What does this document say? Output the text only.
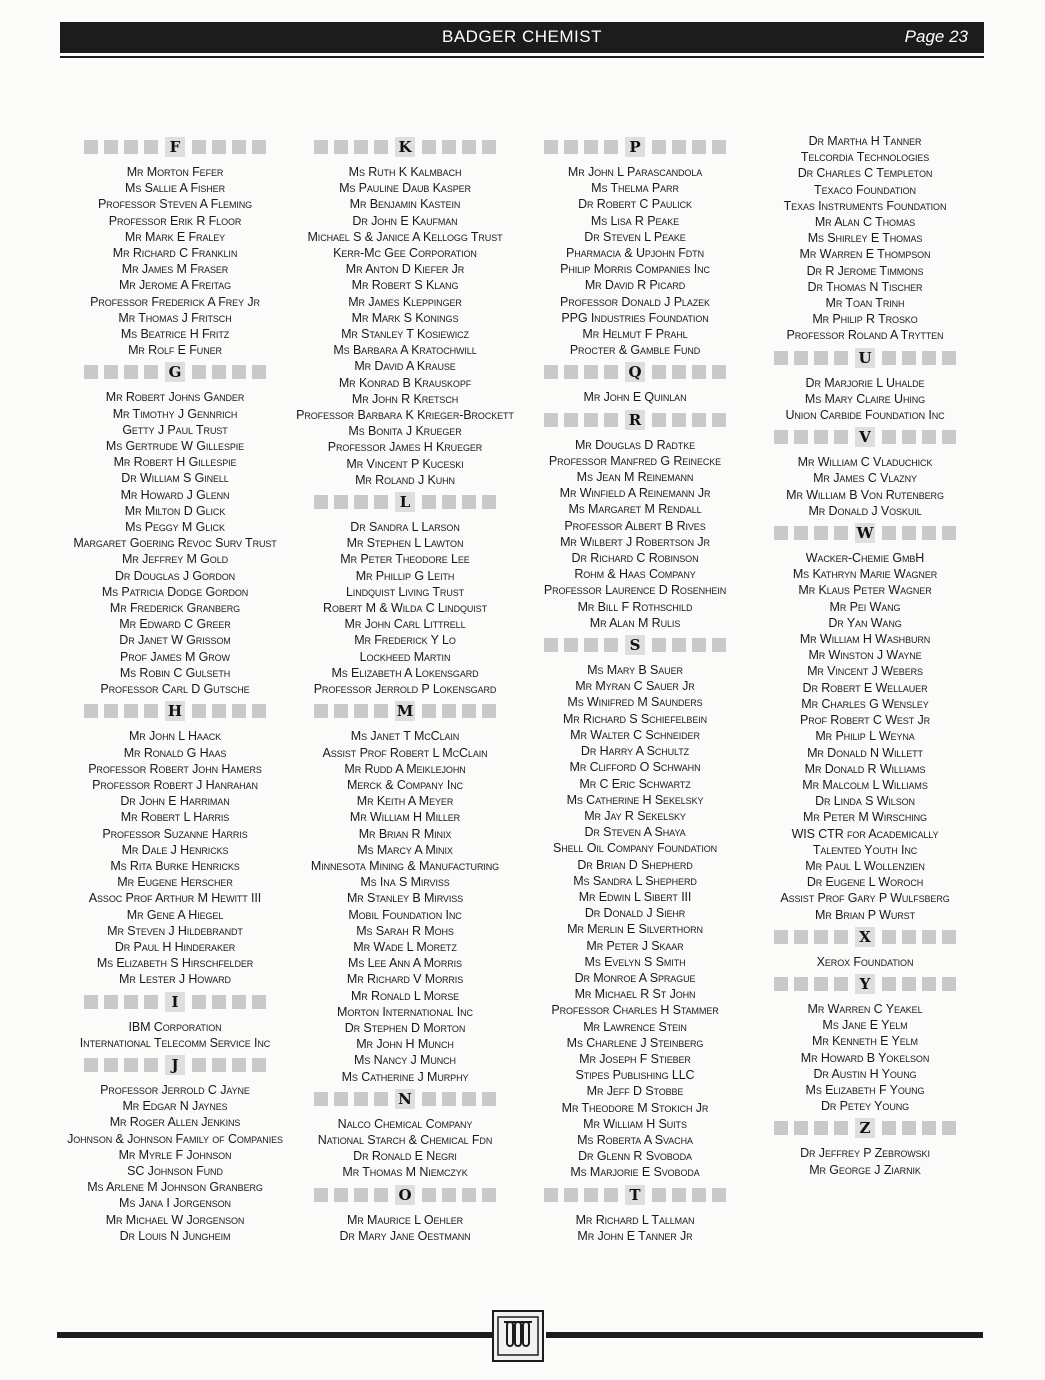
BADGER CHEMIST	Page 23
F
Mr Morton Fefer
Ms Sallie A Fisher
Professor Steven A Fleming
Professor Erik R Floor
Mr Mark E Fraley
Mr Richard C Franklin
Mr James M Fraser
Mr Jerome A Freitag
Professor Frederick A Frey Jr
Mr Thomas J Fritsch
Ms Beatrice H Fritz
Mr Rolf E Funer
G
Mr Robert Johns Gander
Mr Timothy J Gennrich
Getty J Paul Trust
Ms Gertrude W Gillespie
Mr Robert H Gillespie
Dr William S Ginell
Mr Howard J Glenn
Mr Milton D Glick
Ms Peggy M Glick
Margaret Goering Revoc Surv Trust
Mr Jeffrey M Gold
Dr Douglas J Gordon
Ms Patricia Dodge Gordon
Mr Frederick Granberg
Mr Edward C Greer
Dr Janet W Grissom
Prof James M Grow
Ms Robin C Gulseth
Professor Carl D Gutsche
H
Mr John L Haack
Mr Ronald G Haas
Professor Robert John Hamers
Professor Robert J Hanrahan
Dr John E Harriman
Mr Robert L Harris
Professor Suzanne Harris
Mr Dale J Henricks
Ms Rita Burke Henricks
Mr Eugene Herscher
Assoc Prof Arthur M Hewitt III
Mr Gene A Hiegel
Mr Steven J Hildebrandt
Dr Paul H Hinderaker
Ms Elizabeth S Hirschfelder
Mr Lester J Howard
I
IBM Corporation
International Telecomm Service Inc
J
Professor Jerrold C Jayne
Mr Edgar N Jaynes
Mr Roger Allen Jenkins
Johnson & Johnson Family of Companies
Mr Myrle F Johnson
SC Johnson Fund
Ms Arlene M Johnson Granberg
Ms Jana I Jorgenson
Mr Michael W Jorgenson
Dr Louis N Jungheim
K
Ms Ruth K Kalmbach
Ms Pauline Daub Kasper
Mr Benjamin Kastein
Dr John E Kaufman
Michael S & Janice A Kellogg Trust
Kerr-Mc Gee Corporation
Mr Anton D Kiefer Jr
Mr Robert S Klang
Mr James Kleppinger
Mr Mark S Konings
Mr Stanley T Kosiewicz
Ms Barbara A Kratochwill
Mr David A Krause
Mr Konrad B Krauskopf
Mr John R Kretsch
Professor Barbara K Krieger-Brockett
Ms Bonita J Krueger
Professor James H Krueger
Mr Vincent P Kuceski
Mr Roland J Kuhn
L
Dr Sandra L Larson
Mr Stephen L Lawton
Mr Peter Theodore Lee
Mr Phillip G Leith
Lindquist Living Trust
Robert M & Wilda C Lindquist
Mr John Carl Littrell
Mr Frederick Y Lo
Lockheed Martin
Ms Elizabeth A Lokensgard
Professor Jerrold P Lokensgard
M
Ms Janet T McClain
Assist Prof Robert L McClain
Mr Rudd A Meiklejohn
Merck & Company Inc
Mr Keith A Meyer
Mr William H Miller
Mr Brian R Minix
Ms Marcy A Minix
Minnesota Mining & Manufacturing
Ms Ina S Mirviss
Mr Stanley B Mirviss
Mobil Foundation Inc
Ms Sarah R Mohs
Mr Wade L Moretz
Ms Lee Ann A Morris
Mr Richard V Morris
Mr Ronald L Morse
Morton International Inc
Dr Stephen D Morton
Mr John H Munch
Ms Nancy J Munch
Ms Catherine J Murphy
N
Nalco Chemical Company
National Starch & Chemical Fdn
Dr Ronald E Negri
Mr Thomas M Niemczyk
O
Mr Maurice L Oehler
Dr Mary Jane Oestmann
P
Mr John L Parascandola
Ms Thelma Parr
Dr Robert C Paulick
Ms Lisa R Peake
Dr Steven L Peake
Pharmacia & Upjohn Fdtn
Philip Morris Companies Inc
Mr David R Picard
Professor Donald J Plazek
PPG Industries Foundation
Mr Helmut F Prahl
Procter & Gamble Fund
Q
Mr John E Quinlan
R
Mr Douglas D Radtke
Professor Manfred G Reinecke
Ms Jean M Reinemann
Mr Winfield A Reinemann Jr
Ms Margaret M Rendall
Professor Albert B Rives
Mr Wilbert J Robertson Jr
Dr Richard C Robinson
Rohm & Haas Company
Professor Laurence D Rosenhein
Mr Bill F Rothschild
Mr Alan M Rulis
S
Ms Mary B Sauer
Mr Myran C Sauer Jr
Ms Winifred M Saunders
Mr Richard S Schiefelbein
Mr Walter C Schneider
Dr Harry A Schultz
Mr Clifford O Schwahn
Mr C Eric Schwartz
Ms Catherine H Sekelsky
Mr Jay R Sekelsky
Dr Steven A Shaya
Shell Oil Company Foundation
Dr Brian D Shepherd
Ms Sandra L Shepherd
Mr Edwin L Sibert III
Dr Donald J Siehr
Mr Merlin E Silverthorn
Mr Peter J Skaar
Ms Evelyn S Smith
Dr Monroe A Sprague
Mr Michael R St John
Professor Charles H Stammer
Mr Lawrence Stein
Ms Charlene J Steinberg
Mr Joseph F Stieber
Stipes Publishing LLC
Mr Jeff D Stobbe
Mr Theodore M Stokich Jr
Mr William H Suits
Ms Roberta A Svacha
Dr Glenn R Svoboda
Ms Marjorie E Svoboda
T
Mr Richard L Tallman
Mr John E Tanner Jr
Dr Martha H Tanner
Telcordia Technologies
Dr Charles C Templeton
Texaco Foundation
Texas Instruments Foundation
Mr Alan C Thomas
Ms Shirley E Thomas
Mr Warren E Thompson
Dr R Jerome Timmons
Dr Thomas N Tischer
Mr Toan Trinh
Mr Philip R Trosko
Professor Roland A Trytten
U
Dr Marjorie L Uhalde
Ms Mary Claire Uhing
Union Carbide Foundation Inc
V
Mr William C Vladuchick
Mr James C Vlazny
Mr William B Von Rutenberg
Mr Donald J Voskuil
W
Wacker-Chemie GmbH
Ms Kathryn Marie Wagner
Mr Klaus Peter Wagner
Mr Pei Wang
Dr Yan Wang
Mr William H Washburn
Mr Winston J Wayne
Mr Vincent J Webers
Dr Robert E Wellauer
Mr Charles G Wensley
Prof Robert C West Jr
Mr Philip L Weyna
Mr Donald N Willett
Mr Donald R Williams
Mr Malcolm L Williams
Dr Linda S Wilson
Mr Peter M Wirsching
WIS CTR for Academically
Talented Youth Inc
Mr Paul L Wollenzien
Dr Eugene L Woroch
Assist Prof Gary P Wulfsberg
Mr Brian P Wurst
X
Xerox Foundation
Y
Mr Warren C Yeakel
Ms Jane E Yelm
Mr Kenneth E Yelm
Mr Howard B Yokelson
Dr Austin H Young
Ms Elizabeth F Young
Dr Petey Young
Z
Dr Jeffrey P Zebrowski
Mr George J Ziarnik
